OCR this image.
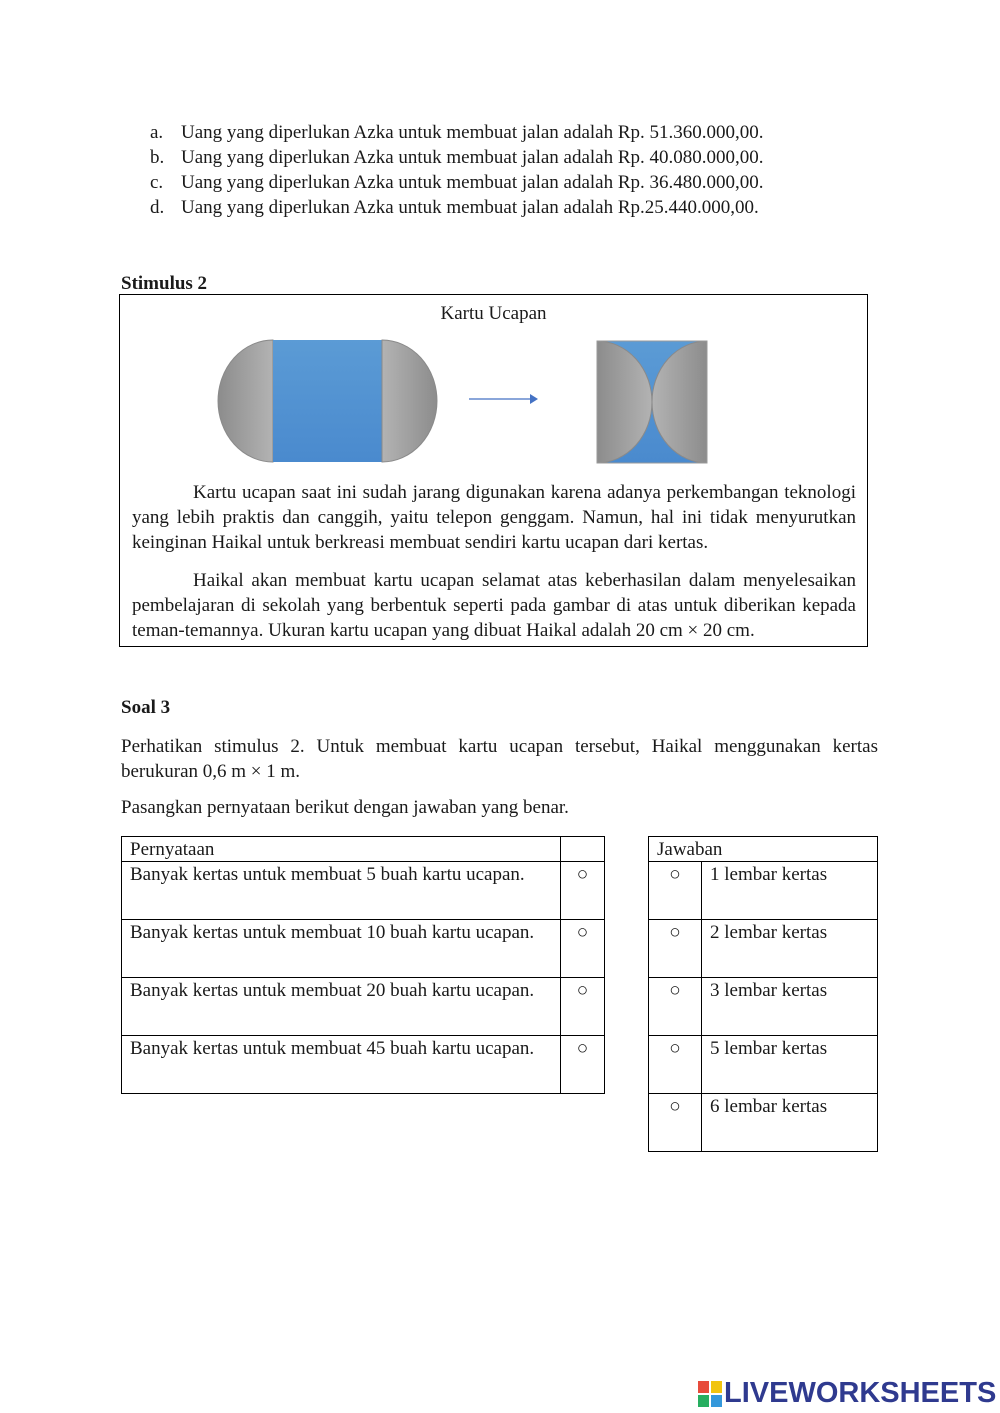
a. Uang yang diperlukan Azka untuk membuat jalan adalah Rp. 51.360.000,00.
b. Uang yang diperlukan Azka untuk membuat jalan adalah Rp. 40.080.000,00.
c. Uang yang diperlukan Azka untuk membuat jalan adalah Rp. 36.480.000,00.
d. Uang yang diperlukan Azka untuk membuat jalan adalah Rp.25.440.000,00.
Stimulus 2
Kartu Ucapan
Kartu ucapan saat ini sudah jarang digunakan karena adanya perkembangan teknologi yang lebih praktis dan canggih, yaitu telepon genggam. Namun, hal ini tidak menyurutkan keinginan Haikal untuk berkreasi membuat sendiri kartu ucapan dari kertas.
Haikal akan membuat kartu ucapan selamat atas keberhasilan dalam menyelesaikan pembelajaran di sekolah yang berbentuk seperti pada gambar di atas untuk diberikan kepada teman-temannya. Ukuran kartu ucapan yang dibuat Haikal adalah 20 cm × 20 cm.
Soal 3
Perhatikan stimulus 2. Untuk membuat kartu ucapan tersebut, Haikal menggunakan kertas berukuran 0,6 m × 1 m.
Pasangkan pernyataan berikut dengan jawaban yang benar.
Pernyataan	
Banyak kertas untuk membuat 5 buah kartu ucapan.	○
Banyak kertas untuk membuat 10 buah kartu ucapan.	○
Banyak kertas untuk membuat 20 buah kartu ucapan.	○
Banyak kertas untuk membuat 45 buah kartu ucapan.	○
Jawaban	
○	1 lembar kertas
○	2 lembar kertas
○	3 lembar kertas
○	5 lembar kertas
○	6 lembar kertas
LIVEWORKSHEETS
